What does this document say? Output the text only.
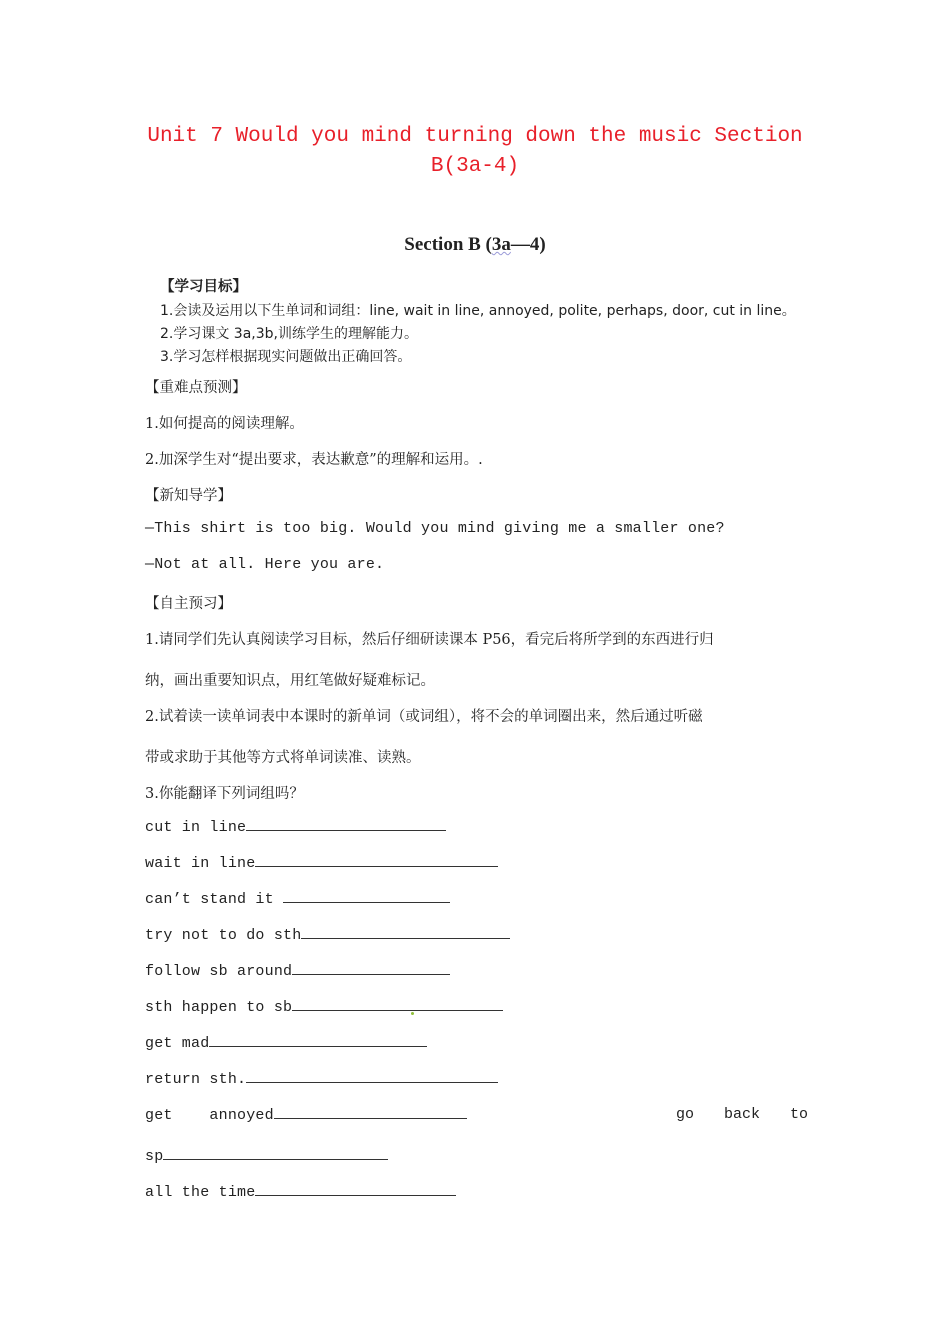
Unit 7 Would you mind turning down the music Section B(3a-4)
Section B (3a—4)
【学习目标】
1.会读及运用以下生单词和词组：line, wait in line, annoyed, polite, perhaps, door, cut in line。
2.学习课文 3a,3b,训练学生的理解能力。
3.学习怎样根据现实问题做出正确回答。
【重难点预测】
1.如何提高的阅读理解。
2.加深学生对“提出要求，表达歉意”的理解和运用。.
【新知导学】
—This shirt is too big. Would you mind giving me a smaller one?
—Not at all. Here you are.
【自主预习】
1.请同学们先认真阅读学习目标，然后仔细研读课本 P56，看完后将所学到的东西进行归
纳，画出重要知识点，用红笔做好疑难标记。
2.试着读一读单词表中本课时的新单词（或词组），将不会的单词圈出来，然后通过听磁
带或求助于其他等方式将单词读准、读熟。
3.你能翻译下列词组吗？
cut in line
wait in line
can’t stand it
try not to do sth
follow sb around
sth happen to sb
get mad
return sth.
get    annoyed	go back to
sp
all the time
